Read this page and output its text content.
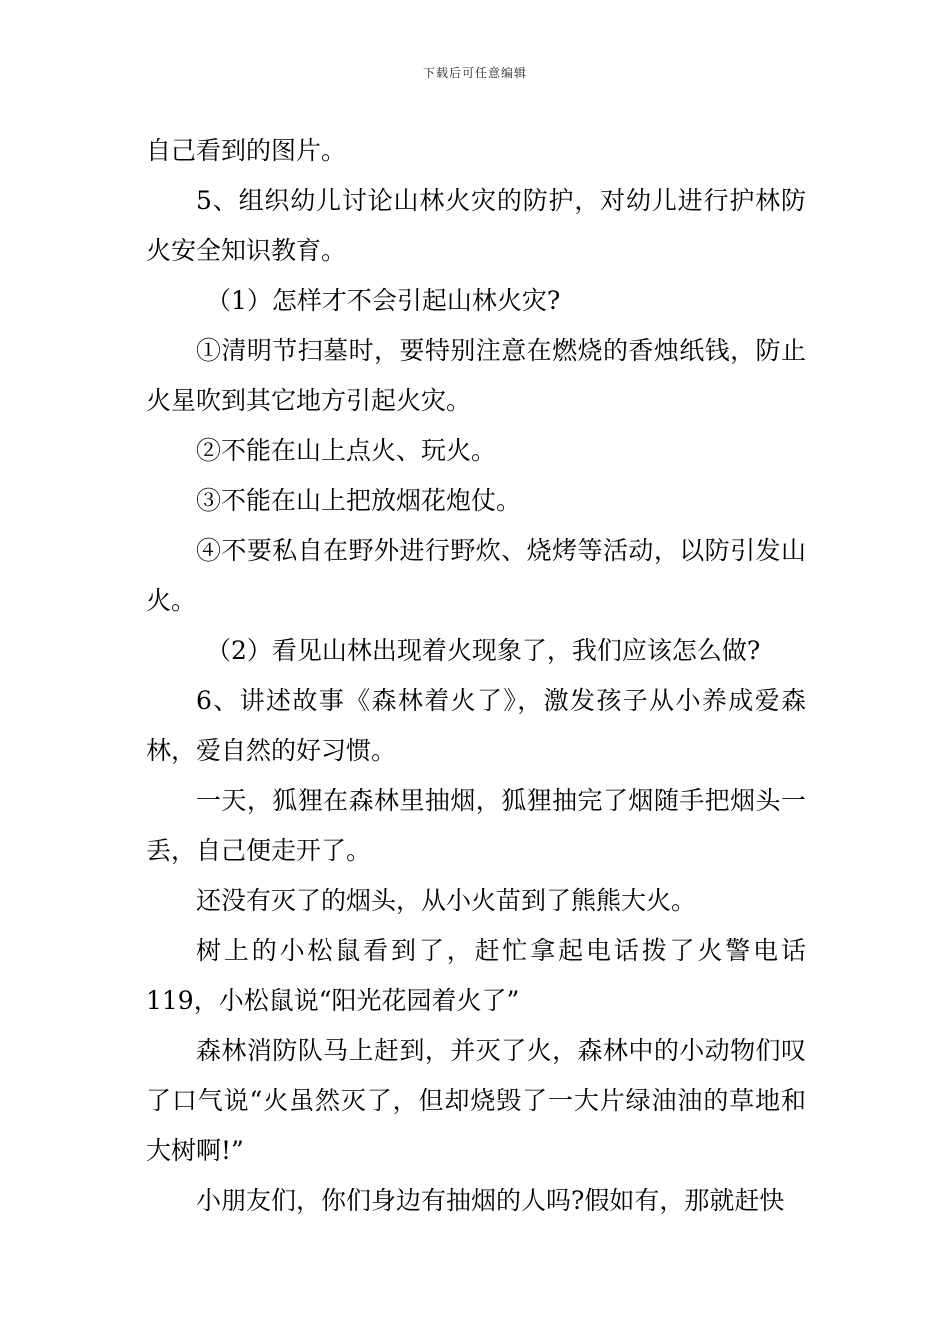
下载后可任意编辑

自己看到的图片。

5、组织幼儿讨论山林火灾的防护，对幼儿进行护林防火安全知识教育。

（1）怎样才不会引起山林火灾?

①清明节扫墓时，要特别注意在燃烧的香烛纸钱，防止火星吹到其它地方引起火灾。

②不能在山上点火、玩火。

③不能在山上把放烟花炮仗。

④不要私自在野外进行野炊、烧烤等活动，以防引发山火。

（2）看见山林出现着火现象了，我们应该怎么做?

6、讲述故事《森林着火了》，激发孩子从小养成爱森林，爱自然的好习惯。

一天，狐狸在森林里抽烟，狐狸抽完了烟随手把烟头一丢，自己便走开了。

还没有灭了的烟头，从小火苗到了熊熊大火。

树上的小松鼠看到了，赶忙拿起电话拨了火警电话119，小松鼠说“阳光花园着火了”

森林消防队马上赶到，并灭了火，森林中的小动物们叹了口气说“火虽然灭了，但却烧毁了一大片绿油油的草地和大树啊!”

小朋友们，你们身边有抽烟的人吗?假如有，那就赶快
